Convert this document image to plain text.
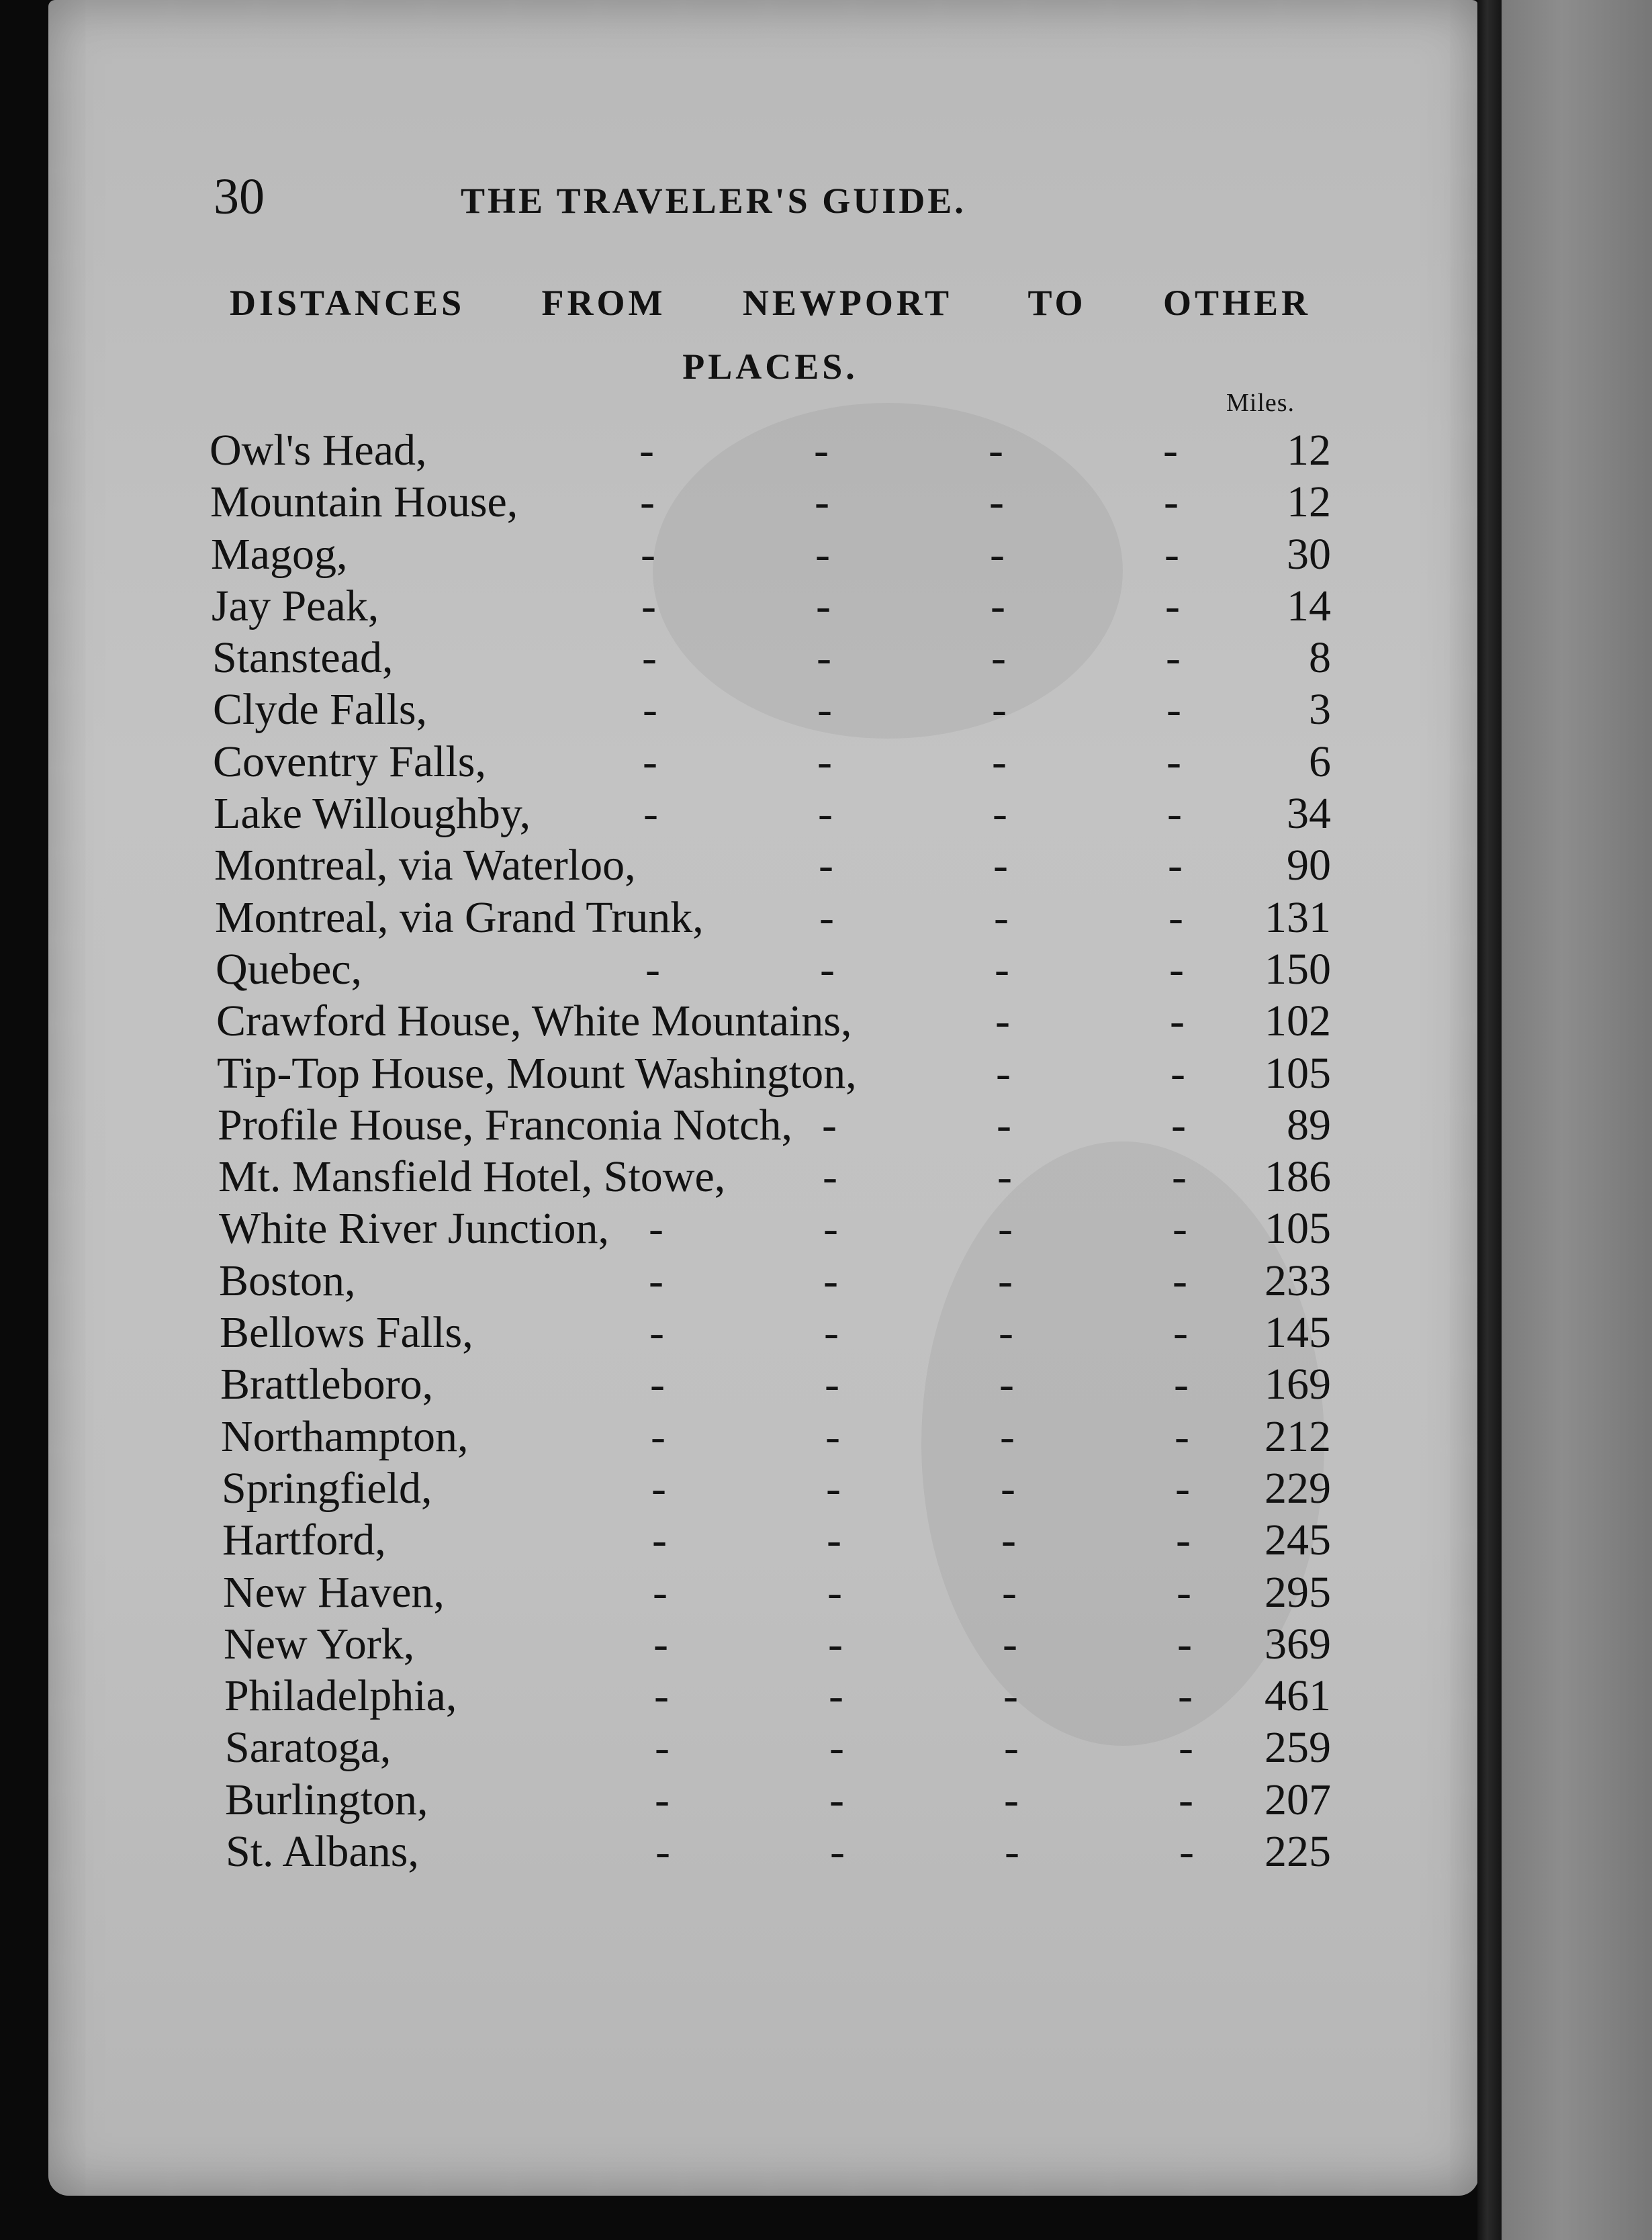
30	THE TRAVELER'S GUIDE.
DISTANCES FROM NEWPORT TO OTHER
PLACES.
Miles.
Owl's Head,	-	-	-	-	12
Mountain House,	-	-	-	-	12
Magog,	-	-	-	-	30
Jay Peak,	-	-	-	-	14
Stanstead,	-	-	-	-	8
Clyde Falls,	-	-	-	-	3
Coventry Falls,	-	-	-	-	6
Lake Willoughby,	-	-	-	-	34
Montreal, via Waterloo,	-	-	-	90
Montreal, via Grand Trunk,	-	-	-	131
Quebec,	-	-	-	-	150
Crawford House, White Mountains,	-	-	102
Tip-Top House, Mount Washington,	-	-	105
Profile House, Franconia Notch, -	-	-	89
Mt. Mansfield Hotel, Stowe, -	-	-	186
White River Junction, -	-	-	-	105
Boston,	-	-	-	-	233
Bellows Falls,	-	-	-	-	145
Brattleboro,	-	-	-	-	169
Northampton,	-	-	-	-	212
Springfield,	-	-	-	-	229
Hartford,	-	-	-	-	245
New Haven,	-	-	-	-	295
New York,	-	-	-	-	369
Philadelphia,	-	-	-	-	461
Saratoga,	-	-	-	-	259
Burlington,	-	-	-	-	207
St. Albans,	-	-	-	-	225
